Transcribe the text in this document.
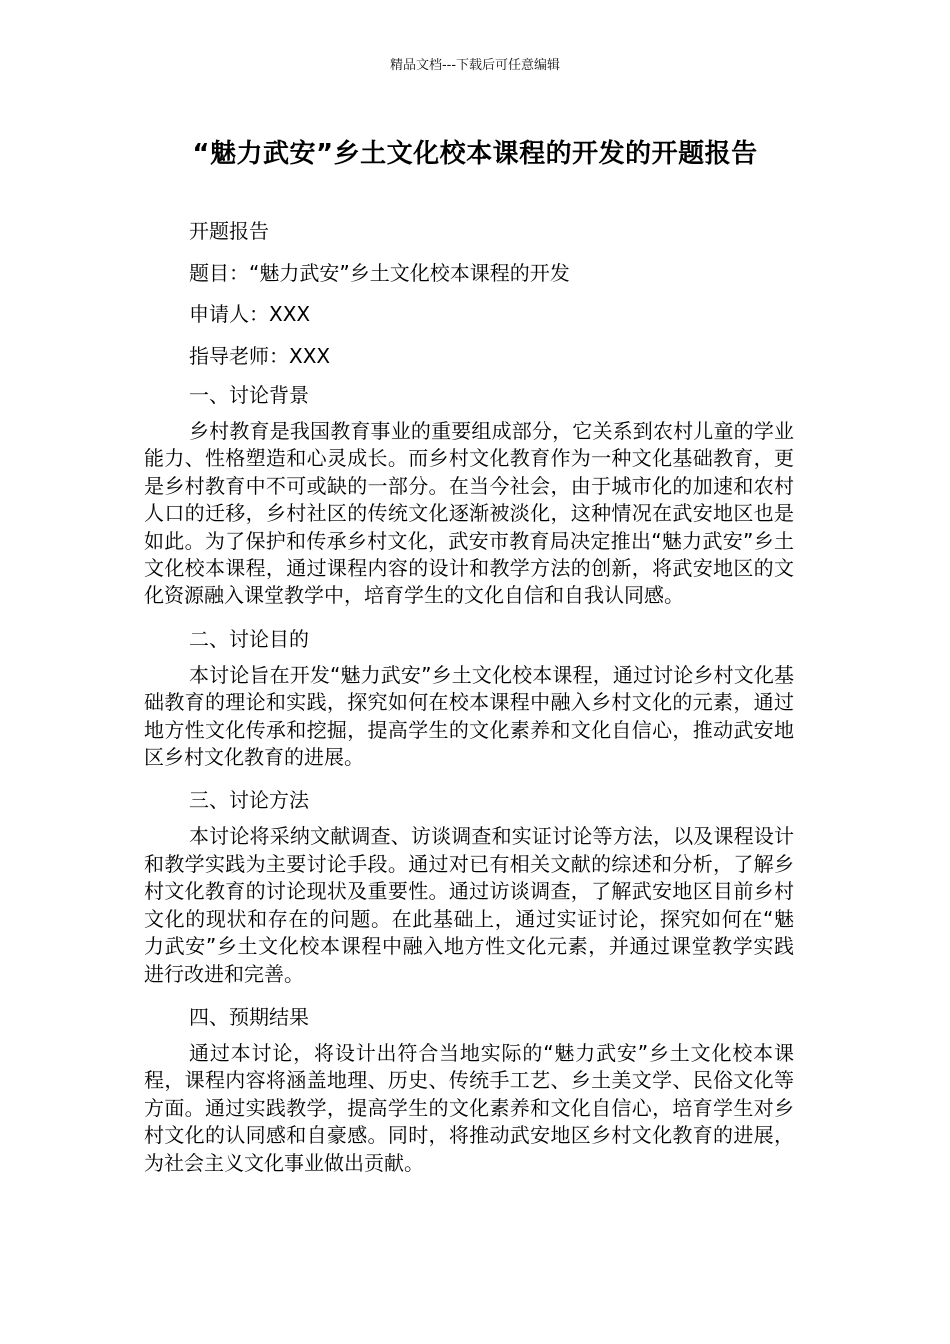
精品文档---下载后可任意编辑
“魅力武安”乡土文化校本课程的开发的开题报告

开题报告

题目：“魅力武安”乡土文化校本课程的开发

申请人：XXX

指导老师：XXX

一、讨论背景

乡村教育是我国教育事业的重要组成部分，它关系到农村儿童的学业能力、性格塑造和心灵成长。而乡村文化教育作为一种文化基础教育，更是乡村教育中不可或缺的一部分。在当今社会，由于城市化的加速和农村人口的迁移，乡村社区的传统文化逐渐被淡化，这种情况在武安地区也是如此。为了保护和传承乡村文化，武安市教育局决定推出“魅力武安”乡土文化校本课程，通过课程内容的设计和教学方法的创新，将武安地区的文化资源融入课堂教学中，培育学生的文化自信和自我认同感。

二、讨论目的

本讨论旨在开发“魅力武安”乡土文化校本课程，通过讨论乡村文化基础教育的理论和实践，探究如何在校本课程中融入乡村文化的元素，通过地方性文化传承和挖掘，提高学生的文化素养和文化自信心，推动武安地区乡村文化教育的进展。

三、讨论方法

本讨论将采纳文献调查、访谈调查和实证讨论等方法，以及课程设计和教学实践为主要讨论手段。通过对已有相关文献的综述和分析，了解乡村文化教育的讨论现状及重要性。通过访谈调查，了解武安地区目前乡村文化的现状和存在的问题。在此基础上，通过实证讨论，探究如何在“魅力武安”乡土文化校本课程中融入地方性文化元素，并通过课堂教学实践进行改进和完善。

四、预期结果

通过本讨论，将设计出符合当地实际的“魅力武安”乡土文化校本课程，课程内容将涵盖地理、历史、传统手工艺、乡土美文学、民俗文化等方面。通过实践教学，提高学生的文化素养和文化自信心，培育学生对乡村文化的认同感和自豪感。同时，将推动武安地区乡村文化教育的进展，为社会主义文化事业做出贡献。
